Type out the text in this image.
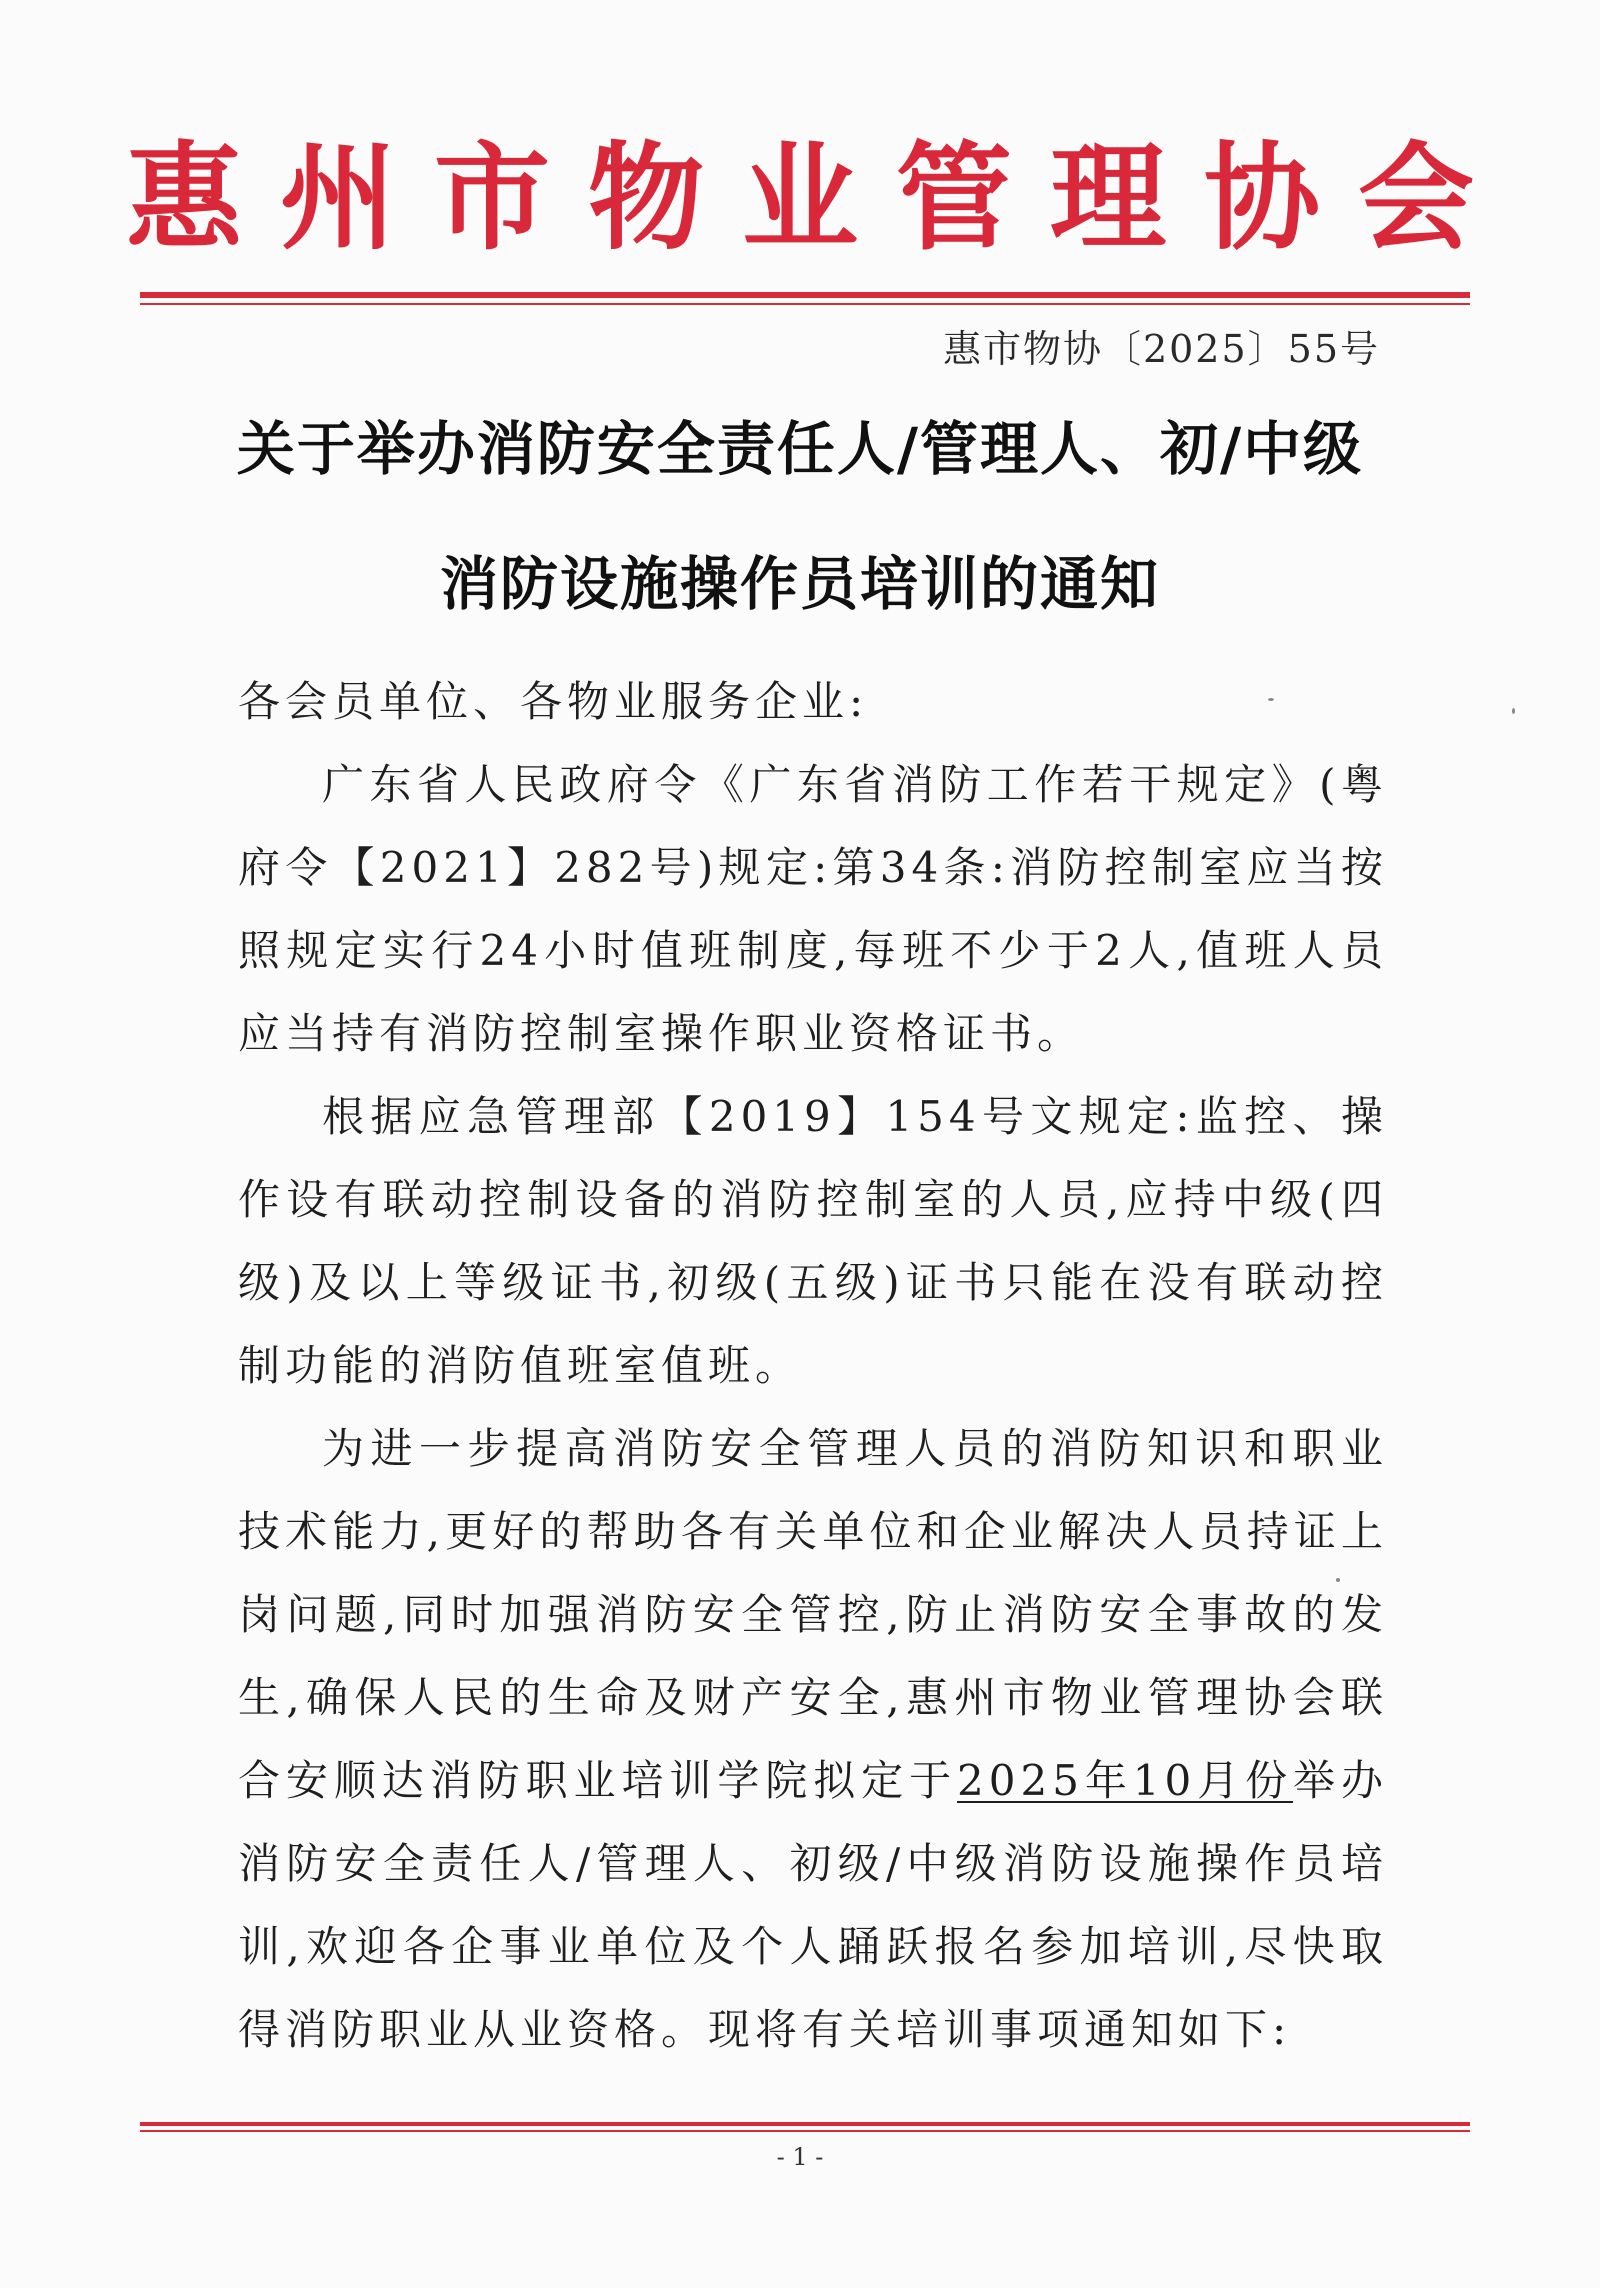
惠州市物业管理协会
惠市物协〔2025〕55号
关于举办消防安全责任人/管理人、初/中级
消防设施操作员培训的通知
各会员单位、各物业服务企业:

广东省人民政府令《广东省消防工作若干规定》(粤府令【2021】282号)规定:第34条:消防控制室应当按照规定实行24小时值班制度,每班不少于2人,值班人员应当持有消防控制室操作职业资格证书。

根据应急管理部【2019】154号文规定:监控、操作设有联动控制设备的消防控制室的人员,应持中级(四级)及以上等级证书,初级(五级)证书只能在没有联动控制功能的消防值班室值班。

为进一步提高消防安全管理人员的消防知识和职业技术能力,更好的帮助各有关单位和企业解决人员持证上岗问题,同时加强消防安全管控,防止消防安全事故的发生,确保人民的生命及财产安全,惠州市物业管理协会联合安顺达消防职业培训学院拟定于2025年10月份举办消防安全责任人/管理人、初级/中级消防设施操作员培训,欢迎各企事业单位及个人踊跃报名参加培训,尽快取得消防职业从业资格。现将有关培训事项通知如下:

- 1 -
